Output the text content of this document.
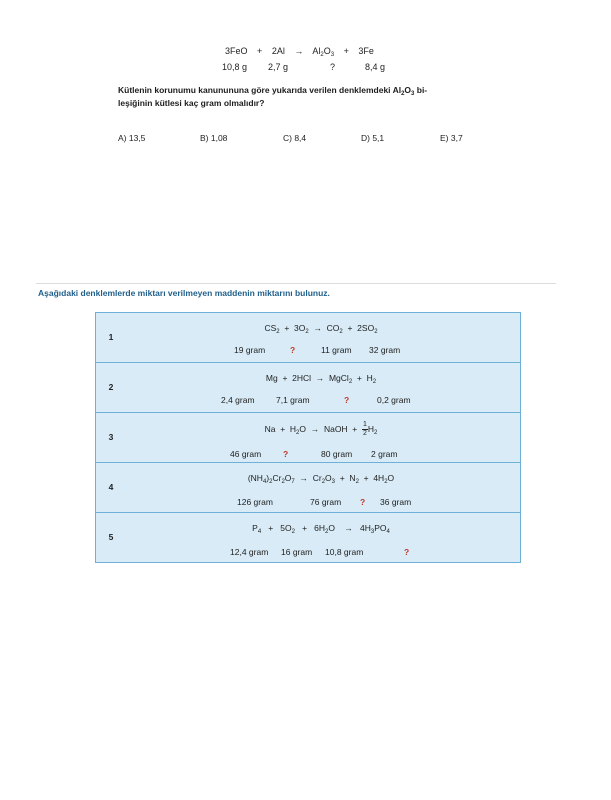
$3FeO + 2Al \to Al_2O_3 + 3Fe$
10,8 g 2,7 g	?	8,4 g
Kütlenin korunumu kanunununa göre yukarıda verilen denklemdeki $Al_2O_3$ bi-
leşiğinin kütlesi kaç gram olmalıdır?
A) 13,5	B) 1,08	C) 8,4	D) 5,1	E) 3,7
Aşağıdaki denklemlerde miktarı verilmeyen maddenin miktarını bulunuz.
1
$CS_2 + 3O_2 \to CO_2 + 2SO_2$
19 gram	?	11 gram 32 gram
2
Mg  +  2HCl  →  MgCl$_2$  +  $H_2$
2,4 gram	7,1 gram	?	0,2 gram
3
$Na + H_2O$  →  NaOH  + $\frac{1}{2} H_2$
46 gram	?	80 gram 2 gram
4
$(NH_4)_2Cr_2O_7 \to Cr_2O_3 + N_2 + 4H_2O$
126 gram	76 gram ? 36 gram
5
$P_4 + 5O_2 + 6H_2O$    →   $4H_3PO_4$
12,4 gram 16 gram 10,8 gram	?
